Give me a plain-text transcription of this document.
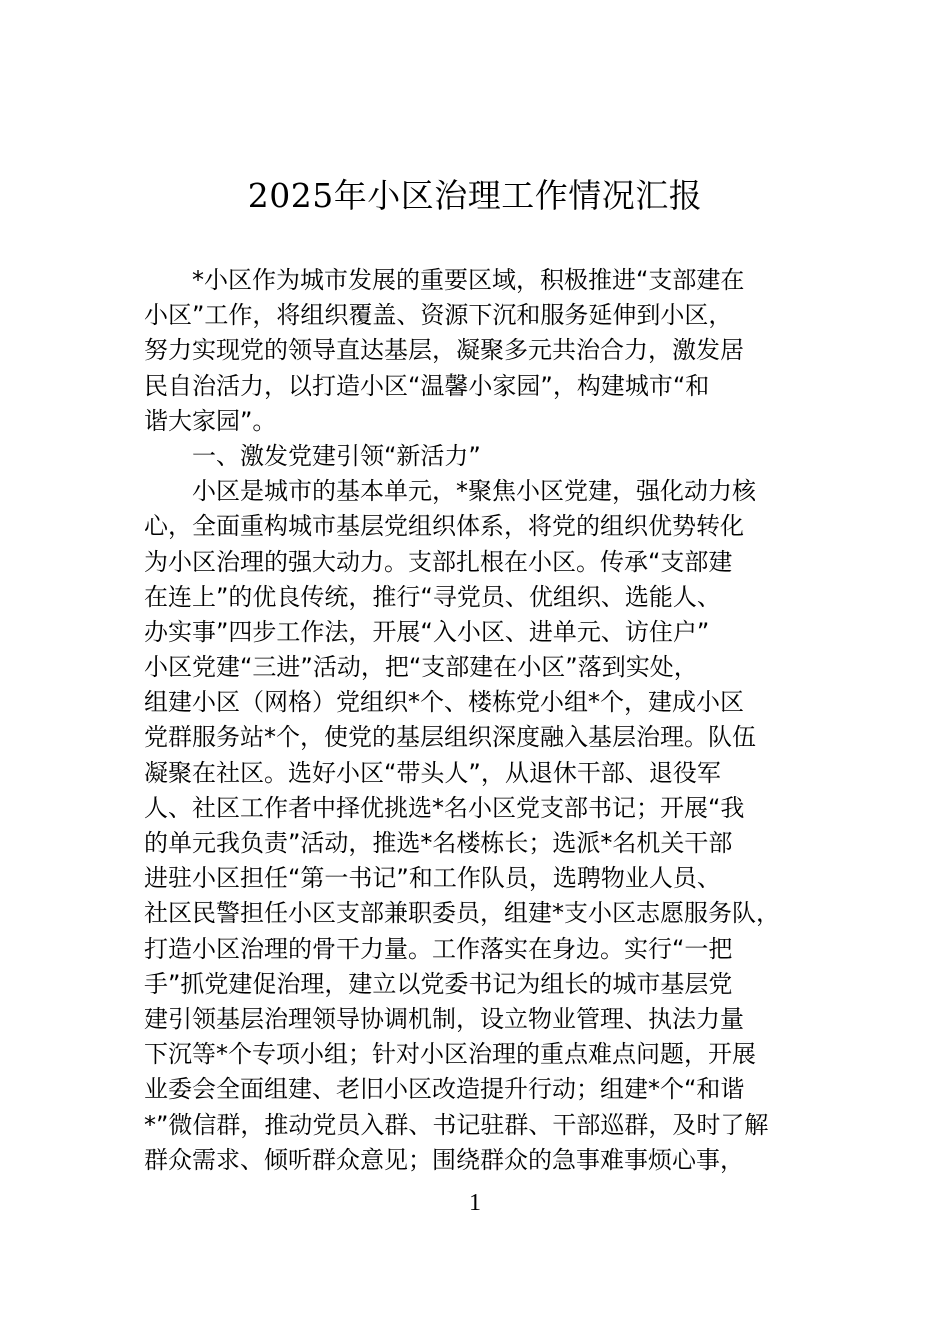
2025年小区治理工作情况汇报
*小区作为城市发展的重要区域，积极推进“支部建在
小区”工作，将组织覆盖、资源下沉和服务延伸到小区，
努力实现党的领导直达基层，凝聚多元共治合力，激发居
民自治活力，以打造小区“温馨小家园”，构建城市“和
谐大家园”。
一、激发党建引领“新活力”
小区是城市的基本单元，*聚焦小区党建，强化动力核
心，全面重构城市基层党组织体系，将党的组织优势转化
为小区治理的强大动力。支部扎根在小区。传承“支部建
在连上”的优良传统，推行“寻党员、优组织、选能人、
办实事”四步工作法，开展“入小区、进单元、访住户”
小区党建“三进”活动，把“支部建在小区”落到实处，
组建小区（网格）党组织*个、楼栋党小组*个，建成小区
党群服务站*个，使党的基层组织深度融入基层治理。队伍
凝聚在社区。选好小区“带头人”，从退休干部、退役军
人、社区工作者中择优挑选*名小区党支部书记；开展“我
的单元我负责”活动，推选*名楼栋长；选派*名机关干部
进驻小区担任“第一书记”和工作队员，选聘物业人员、
社区民警担任小区支部兼职委员，组建*支小区志愿服务队，
打造小区治理的骨干力量。工作落实在身边。实行“一把
手”抓党建促治理，建立以党委书记为组长的城市基层党
建引领基层治理领导协调机制，设立物业管理、执法力量
下沉等*个专项小组；针对小区治理的重点难点问题，开展
业委会全面组建、老旧小区改造提升行动；组建*个“和谐
*”微信群，推动党员入群、书记驻群、干部巡群，及时了解
群众需求、倾听群众意见；围绕群众的急事难事烦心事，
1
